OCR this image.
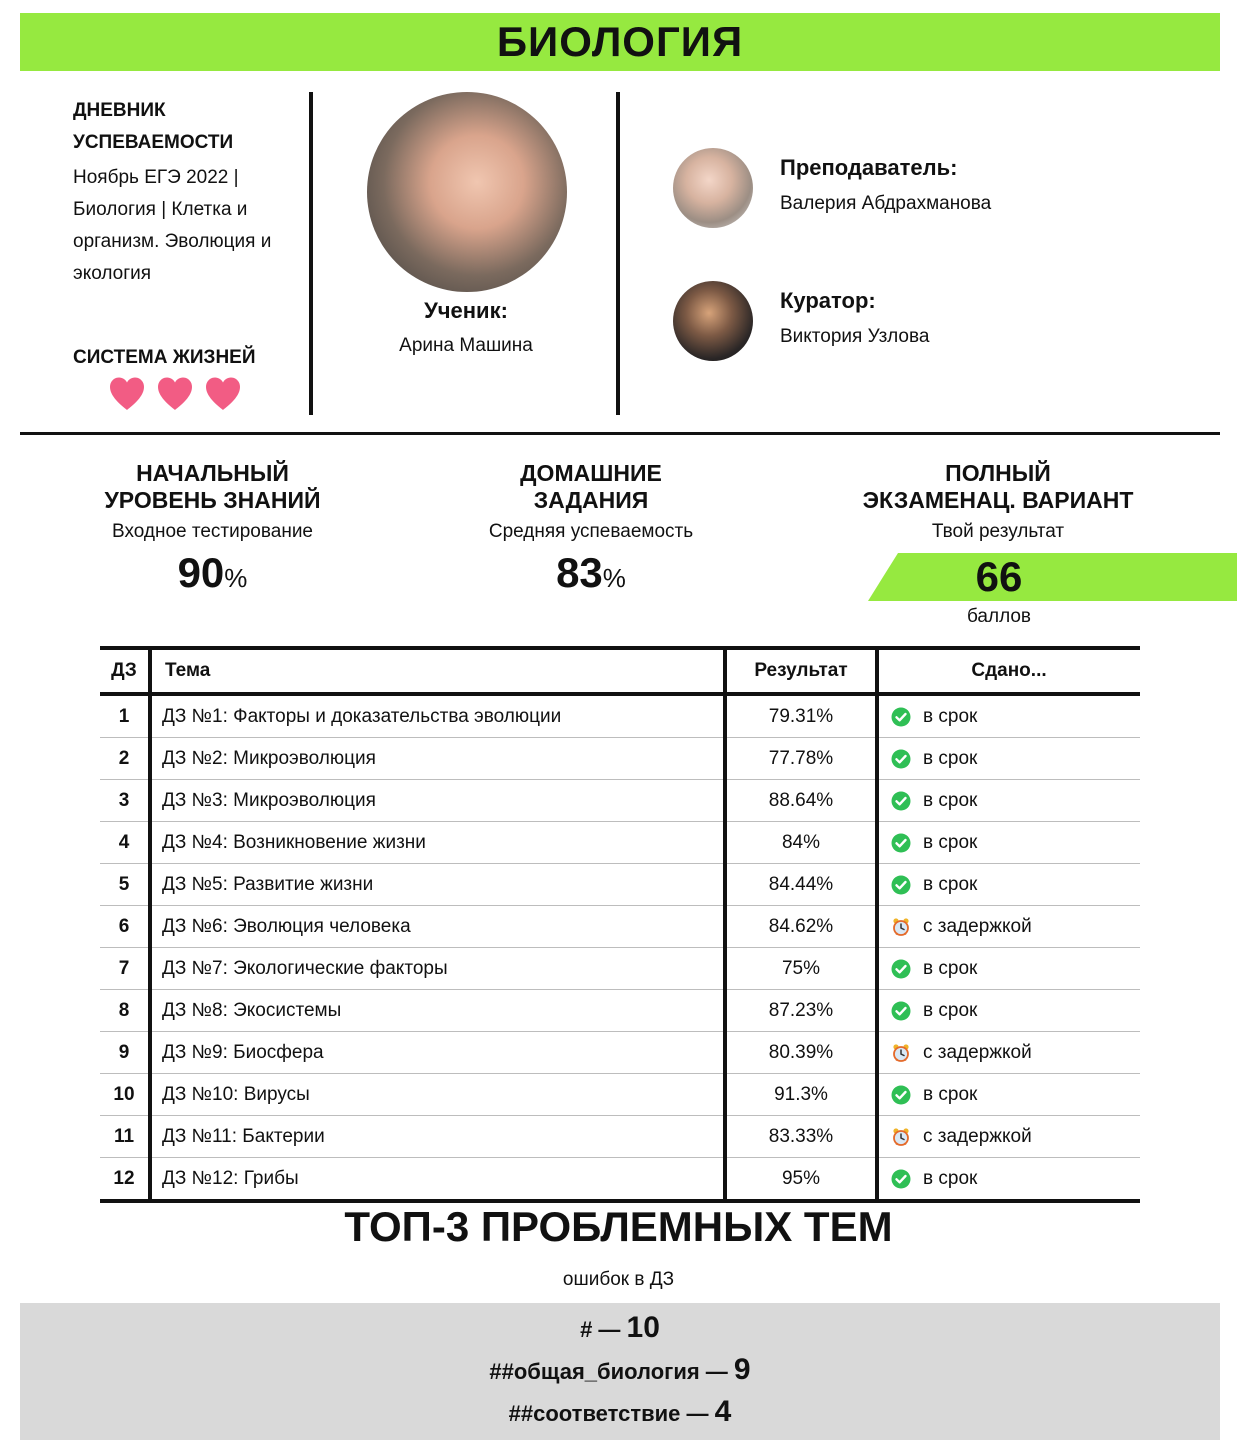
БИОЛОГИЯ
ДНЕВНИК УСПЕВАЕМОСТИ
Ноябрь ЕГЭ 2022 | Биология | Клетка и организм. Эволюция и экология
СИСТЕМА ЖИЗНЕЙ
Ученик:
Арина Машина
Преподаватель:
Валерия Абдрахманова
Куратор:
Виктория Узлова
НАЧАЛЬНЫЙ
УРОВЕНЬ ЗНАНИЙ
Входное тестирование
90%
ДОМАШНИЕ
ЗАДАНИЯ
Средняя успеваемость
83%
ПОЛНЫЙ
ЭКЗАМЕНАЦ. ВАРИАНТ
Твой результат
66
баллов
ДЗ	Тема	Результат	Сдано...
1	ДЗ №1: Факторы и доказательства эволюции	79.31%	в срок

2	ДЗ №2: Микроэволюция	77.78%	в срок

3	ДЗ №3: Микроэволюция	88.64%	в срок

4	ДЗ №4: Возникновение жизни	84%	в срок

5	ДЗ №5: Развитие жизни	84.44%	в срок

6	ДЗ №6: Эволюция человека	84.62%	с задержкой

7	ДЗ №7: Экологические факторы	75%	в срок

8	ДЗ №8: Экосистемы	87.23%	в срок

9	ДЗ №9: Биосфера	80.39%	с задержкой

10	ДЗ №10: Вирусы	91.3%	в срок

11	ДЗ №11: Бактерии	83.33%	с задержкой

12	ДЗ №12: Грибы	95%	в срок
ТОП-3 ПРОБЛЕМНЫХ ТЕМ
ошибок в ДЗ
# — 10
##общая_биология — 9
##соответствие — 4
